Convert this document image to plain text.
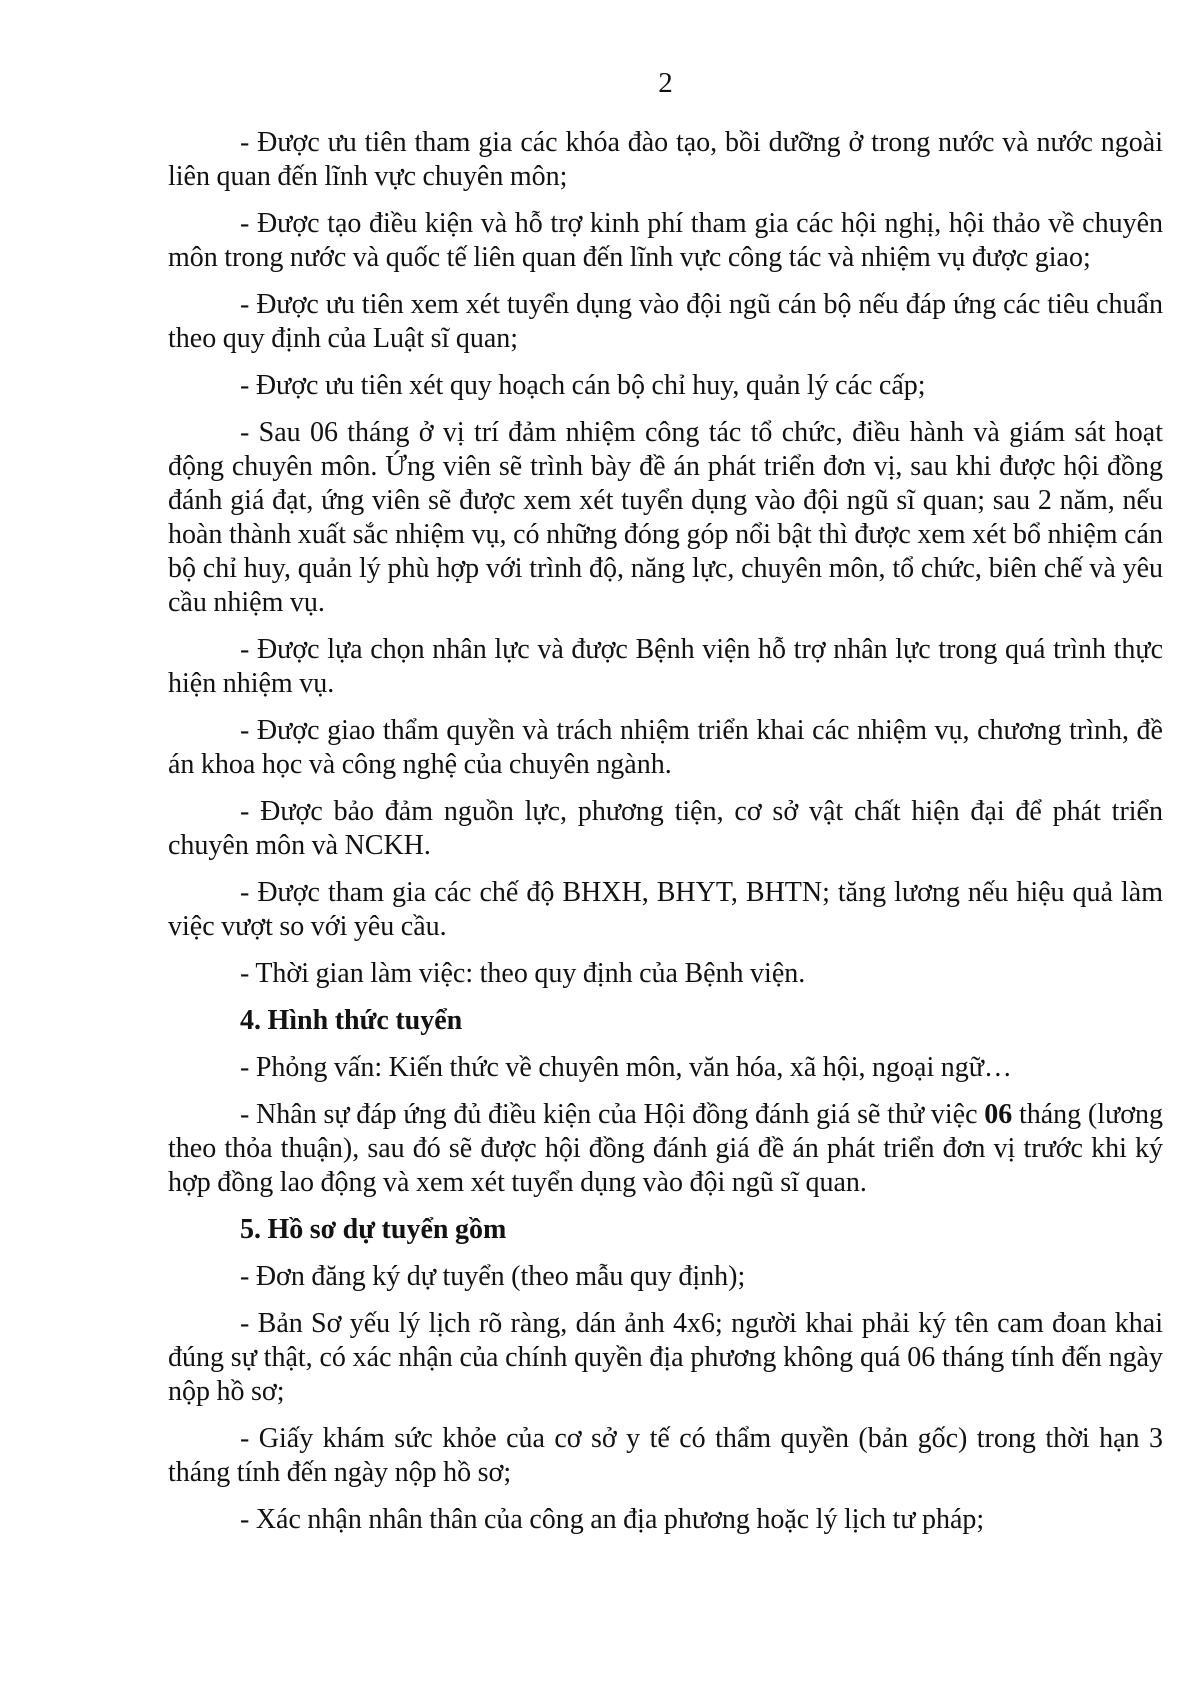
2

- Được ưu tiên tham gia các khóa đào tạo, bồi dưỡng ở trong nước và nước ngoài liên quan đến lĩnh vực chuyên môn;

- Được tạo điều kiện và hỗ trợ kinh phí tham gia các hội nghị, hội thảo về chuyên môn trong nước và quốc tế liên quan đến lĩnh vực công tác và nhiệm vụ được giao;

- Được ưu tiên xem xét tuyển dụng vào đội ngũ cán bộ nếu đáp ứng các tiêu chuẩn theo quy định của Luật sĩ quan;

- Được ưu tiên xét quy hoạch cán bộ chỉ huy, quản lý các cấp;

- Sau 06 tháng ở vị trí đảm nhiệm công tác tổ chức, điều hành và giám sát hoạt động chuyên môn. Ứng viên sẽ trình bày đề án phát triển đơn vị, sau khi được hội đồng đánh giá đạt, ứng viên sẽ được xem xét tuyển dụng vào đội ngũ sĩ quan; sau 2 năm, nếu hoàn thành xuất sắc nhiệm vụ, có những đóng góp nổi bật thì được xem xét bổ nhiệm cán bộ chỉ huy, quản lý phù hợp với trình độ, năng lực, chuyên môn, tổ chức, biên chế và yêu cầu nhiệm vụ.

- Được lựa chọn nhân lực và được Bệnh viện hỗ trợ nhân lực trong quá trình thực hiện nhiệm vụ.

- Được giao thẩm quyền và trách nhiệm triển khai các nhiệm vụ, chương trình, đề án khoa học và công nghệ của chuyên ngành.

- Được bảo đảm nguồn lực, phương tiện, cơ sở vật chất hiện đại để phát triển chuyên môn và NCKH.

- Được tham gia các chế độ BHXH, BHYT, BHTN; tăng lương nếu hiệu quả làm việc vượt so với yêu cầu.

- Thời gian làm việc: theo quy định của Bệnh viện.

4. Hình thức tuyển

- Phỏng vấn: Kiến thức về chuyên môn, văn hóa, xã hội, ngoại ngữ…

- Nhân sự đáp ứng đủ điều kiện của Hội đồng đánh giá sẽ thử việc 06 tháng (lương theo thỏa thuận), sau đó sẽ được hội đồng đánh giá đề án phát triển đơn vị trước khi ký hợp đồng lao động và xem xét tuyển dụng vào đội ngũ sĩ quan.

5. Hồ sơ dự tuyển gồm

- Đơn đăng ký dự tuyển (theo mẫu quy định);

- Bản Sơ yếu lý lịch rõ ràng, dán ảnh 4x6; người khai phải ký tên cam đoan khai đúng sự thật, có xác nhận của chính quyền địa phương không quá 06 tháng tính đến ngày nộp hồ sơ;

- Giấy khám sức khỏe của cơ sở y tế có thẩm quyền (bản gốc) trong thời hạn 3 tháng tính đến ngày nộp hồ sơ;

- Xác nhận nhân thân của công an địa phương hoặc lý lịch tư pháp;
